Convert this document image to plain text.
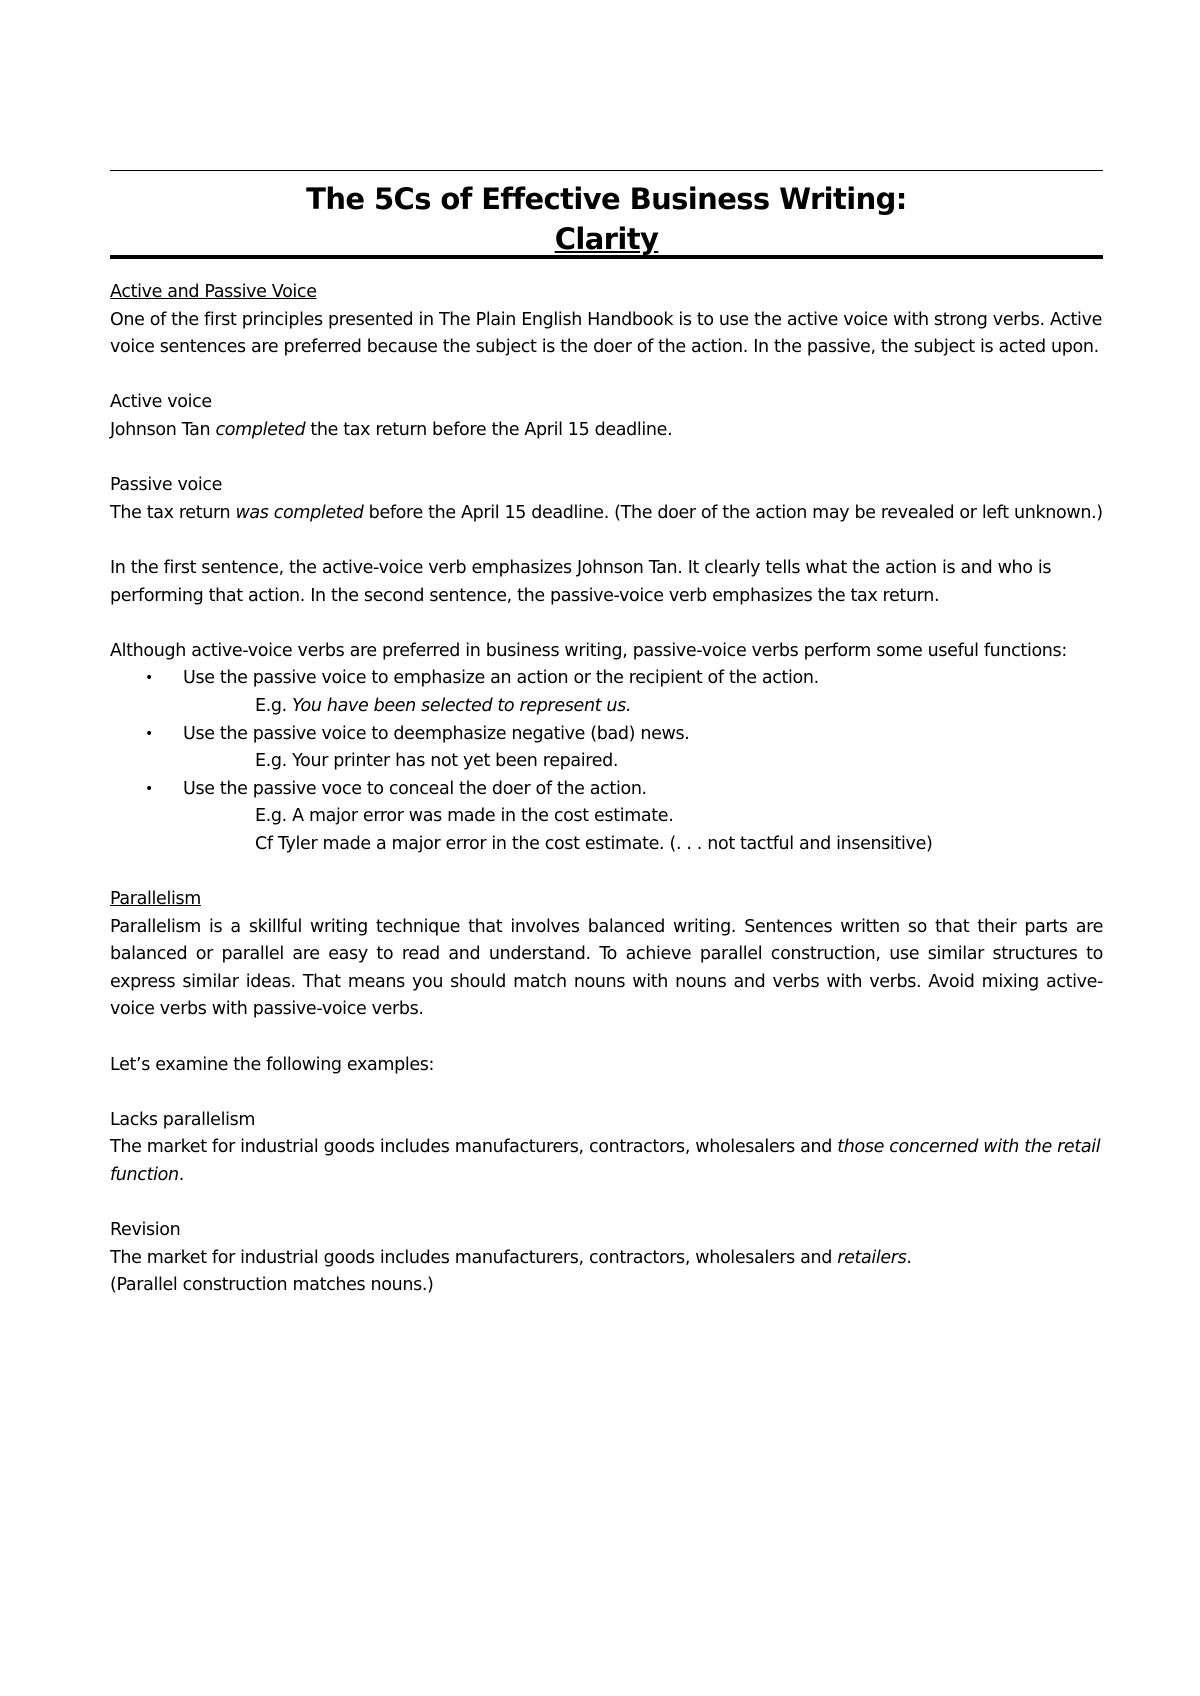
The 5Cs of Effective Business Writing:
Clarity

Active and Passive Voice

One of the first principles presented in The Plain English Handbook is to use the active voice with strong verbs. Active voice sentences are preferred because the subject is the doer of the action. In the passive, the subject is acted upon.

Active voice

Johnson Tan completed the tax return before the April 15 deadline.

Passive voice

The tax return was completed before the April 15 deadline. (The doer of the action may be revealed or left unknown.)

In the first sentence, the active-voice verb emphasizes Johnson Tan. It clearly tells what the action is and who is performing that action. In the second sentence, the passive-voice verb emphasizes the tax return.

Although active-voice verbs are preferred in business writing, passive-voice verbs perform some useful functions:

• Use the passive voice to emphasize an action or the recipient of the action.
E.g. You have been selected to represent us.
• Use the passive voice to deemphasize negative (bad) news.
E.g. Your printer has not yet been repaired.
• Use the passive voce to conceal the doer of the action.
E.g. A major error was made in the cost estimate.
Cf Tyler made a major error in the cost estimate. (. . . not tactful and insensitive)

Parallelism

Parallelism is a skillful writing technique that involves balanced writing. Sentences written so that their parts are balanced or parallel are easy to read and understand. To achieve parallel construction, use similar structures to express similar ideas. That means you should match nouns with nouns and verbs with verbs. Avoid mixing active-voice verbs with passive-voice verbs.

Let’s examine the following examples:

Lacks parallelism

The market for industrial goods includes manufacturers, contractors, wholesalers and those concerned with the retail function.

Revision

The market for industrial goods includes manufacturers, contractors, wholesalers and retailers.

(Parallel construction matches nouns.)
